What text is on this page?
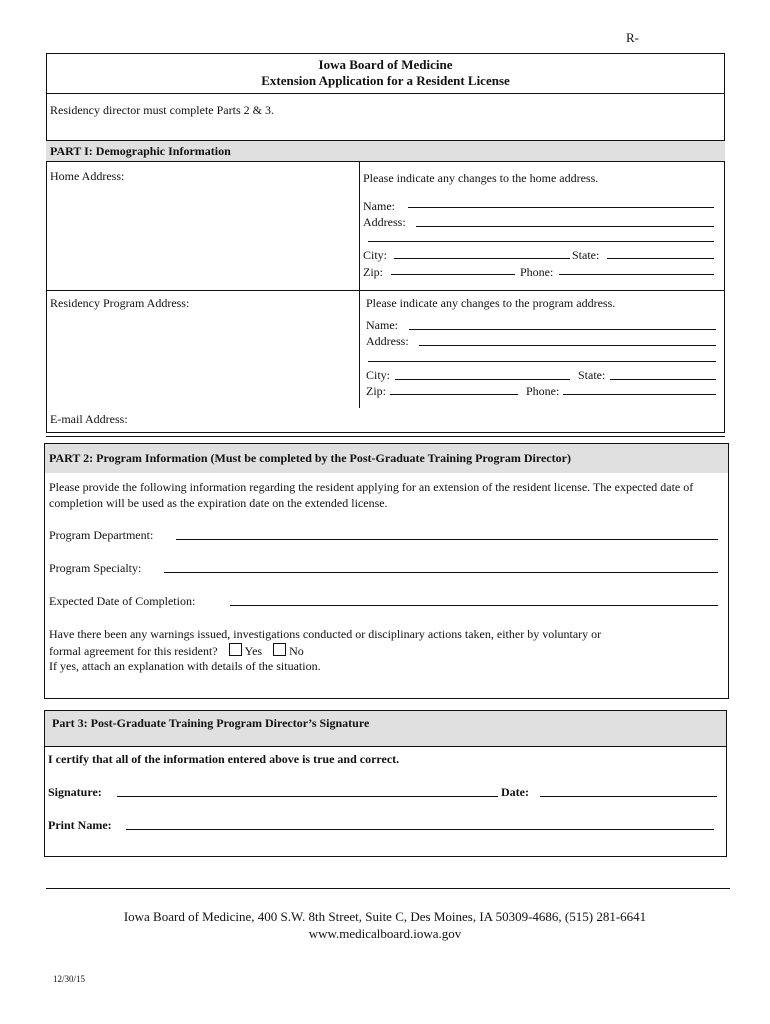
R-
Iowa Board of Medicine
Extension Application for a Resident License
Residency director must complete Parts 2 & 3.
PART I: Demographic Information
Home Address:	Please indicate any changes to the home address.
Name:
Address:
City:	State:
Zip:	Phone:
Residency Program Address:	Please indicate any changes to the program address.
Name:
Address:
City:	State:
Zip:	Phone:
E-mail Address:
PART 2: Program Information (Must be completed by the Post-Graduate Training Program Director)
Please provide the following information regarding the resident applying for an extension of the resident license. The expected date of completion will be used as the expiration date on the extended license.
Program Department:
Program Specialty:
Expected Date of Completion:
Have there been any warnings issued, investigations conducted or disciplinary actions taken, either by voluntary or
formal agreement for this resident? Yes No
If yes, attach an explanation with details of the situation.
Part 3: Post-Graduate Training Program Director’s Signature
I certify that all of the information entered above is true and correct.
Signature:	Date:
Print Name:
Iowa Board of Medicine, 400 S.W. 8th Street, Suite C, Des Moines, IA 50309-4686, (515) 281-6641
www.medicalboard.iowa.gov
12/30/15
